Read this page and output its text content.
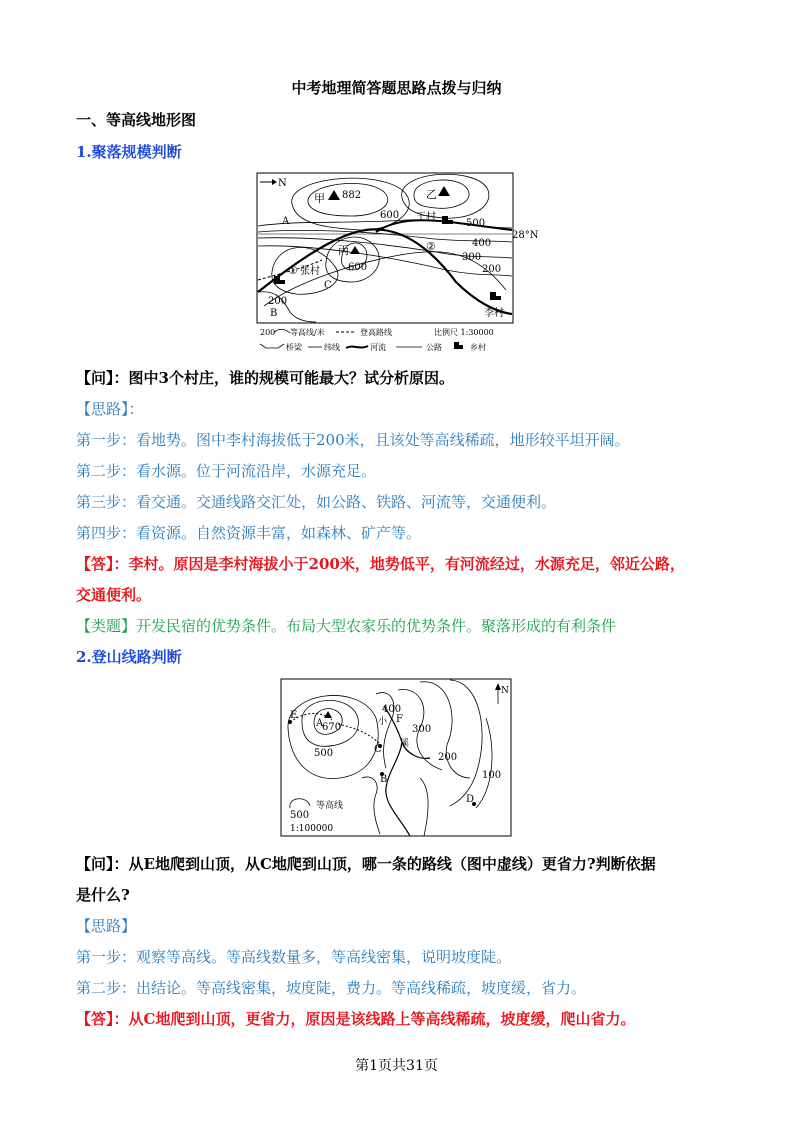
中考地理简答题思路点拨与归纳
一、等高线地形图
1.聚落规模判断
N
甲 882	乙
600 王村
500
A
28°N
400
丙	②
300
① 张村	600	200
C
200
B	李村
200 等高线/米	登高路线	比例尺 1:30000
桥梁	纬线	河流	公路	乡村
【问】：图中3个村庄，谁的规模可能最大？试分析原因。
【思路】：
第一步：看地势。图中李村海拔低于200米，且该处等高线稀疏，地形较平坦开阔。
第二步：看水源。位于河流沿岸，水源充足。
第三步：看交通。交通线路交汇处，如公路、铁路、河流等，交通便利。
第四步：看资源。自然资源丰富，如森林、矿产等。
【答】：李村。原因是李村海拔小于200米，地势低平，有河流经过，水源充足，邻近公路，
交通便利。
【类题】开发民宿的优势条件。布局大型农家乐的优势条件。聚落形成的有利条件
2.登山线路判断
N
400
E
A	小 F
300
670
溪
C
500	200
B	100
D
等高线
500
1:100000
【问】：从E地爬到山顶，从C地爬到山顶，哪一条的路线（图中虚线）更省力?判断依据
是什么?
【思路】
第一步：观察等高线。等高线数量多，等高线密集，说明坡度陡。
第二步：出结论。等高线密集，坡度陡，费力。等高线稀疏，坡度缓，省力。
【答】：从C地爬到山顶，更省力，原因是该线路上等高线稀疏，坡度缓，爬山省力。
第1页共31页
